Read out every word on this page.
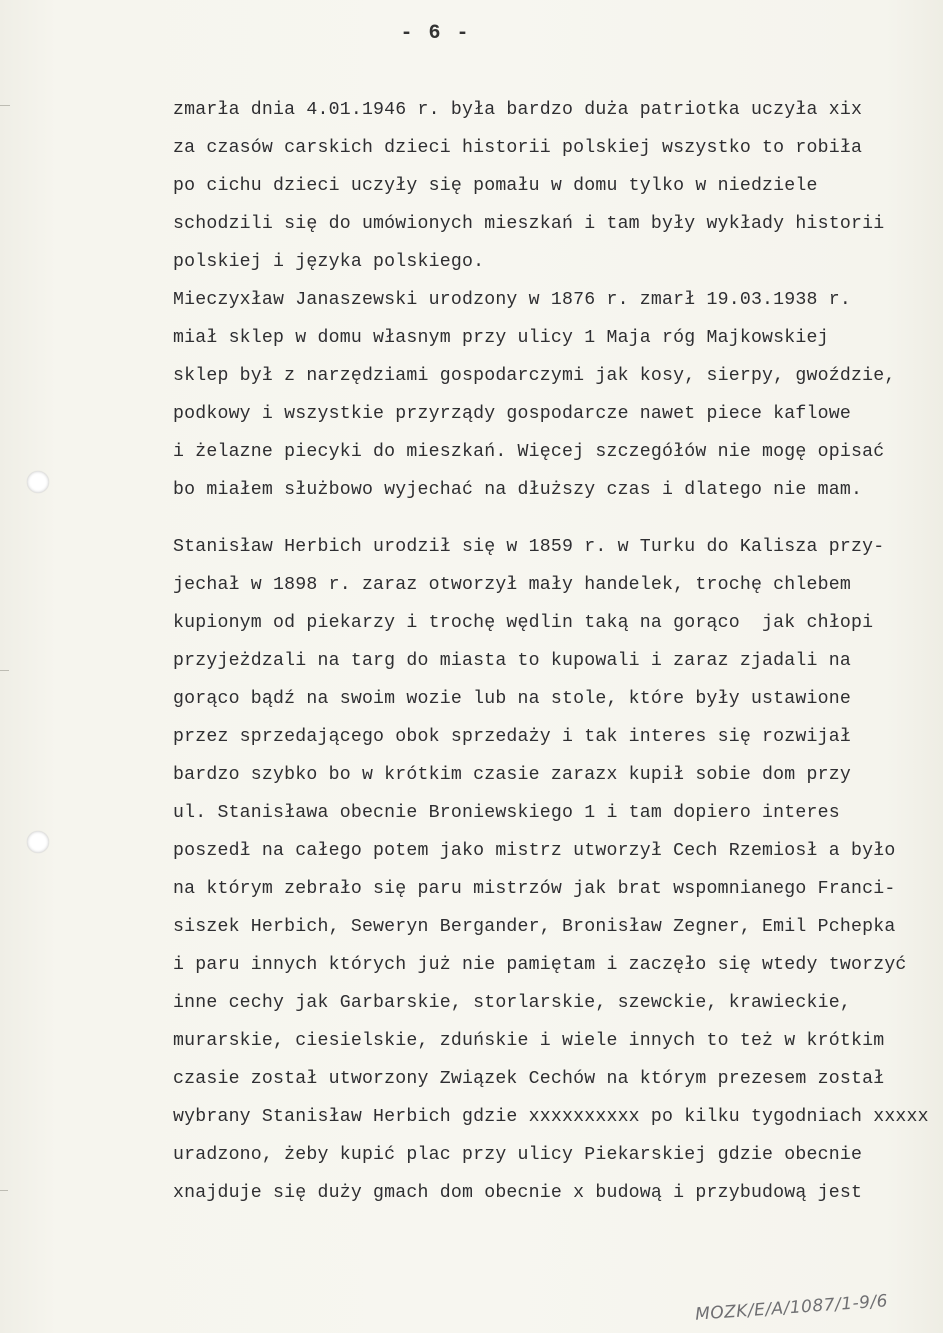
- 6 -
zmarła dnia 4.01.1946 r. była bardzo duża patriotka uczyła xix
za czasów carskich dzieci historii polskiej wszystko to robiła
po cichu dzieci uczyły się pomału w domu tylko w niedziele
schodzili się do umówionych mieszkań i tam były wykłady historii
polskiej i języka polskiego.
Mieczyxław Janaszewski urodzony w 1876 r. zmarł 19.03.1938 r.
miał sklep w domu własnym przy ulicy 1 Maja róg Majkowskiej
sklep był z narzędziami gospodarczymi jak kosy, sierpy, gwoździe,
podkowy i wszystkie przyrządy gospodarcze nawet piece kaflowe
i żelazne piecyki do mieszkań. Więcej szczegółów nie mogę opisać
bo miałem służbowo wyjechać na dłuższy czas i dlatego nie mam.
Stanisław Herbich urodził się w 1859 r. w Turku do Kalisza przy-
jechał w 1898 r. zaraz otworzył mały handelek, trochę chlebem
kupionym od piekarzy i trochę wędlin taką na gorąco  jak chłopi
przyjeżdzali na targ do miasta to kupowali i zaraz zjadali na
gorąco bądź na swoim wozie lub na stole, które były ustawione
przez sprzedającego obok sprzedaży i tak interes się rozwijał
bardzo szybko bo w krótkim czasie zarazx kupił sobie dom przy
ul. Stanisława obecnie Broniewskiego 1 i tam dopiero interes
poszedł na całego potem jako mistrz utworzył Cech Rzemiosł a było
na którym zebrało się paru mistrzów jak brat wspomnianego Franci-
siszek Herbich, Seweryn Bergander, Bronisław Zegner, Emil Pchepka
i paru innych których już nie pamiętam i zaczęło się wtedy tworzyć
inne cechy jak Garbarskie, storlarskie, szewckie, krawieckie,
murarskie, ciesielskie, zduńskie i wiele innych to też w krótkim
czasie został utworzony Związek Cechów na którym prezesem został
wybrany Stanisław Herbich gdzie xxxxxxxxxx po kilku tygodniach xxxxx
uradzono, żeby kupić plac przy ulicy Piekarskiej gdzie obecnie
xnajduje się duży gmach dom obecnie x budową i przybudową jest
MOZK/E/A/1087/1-9/6
